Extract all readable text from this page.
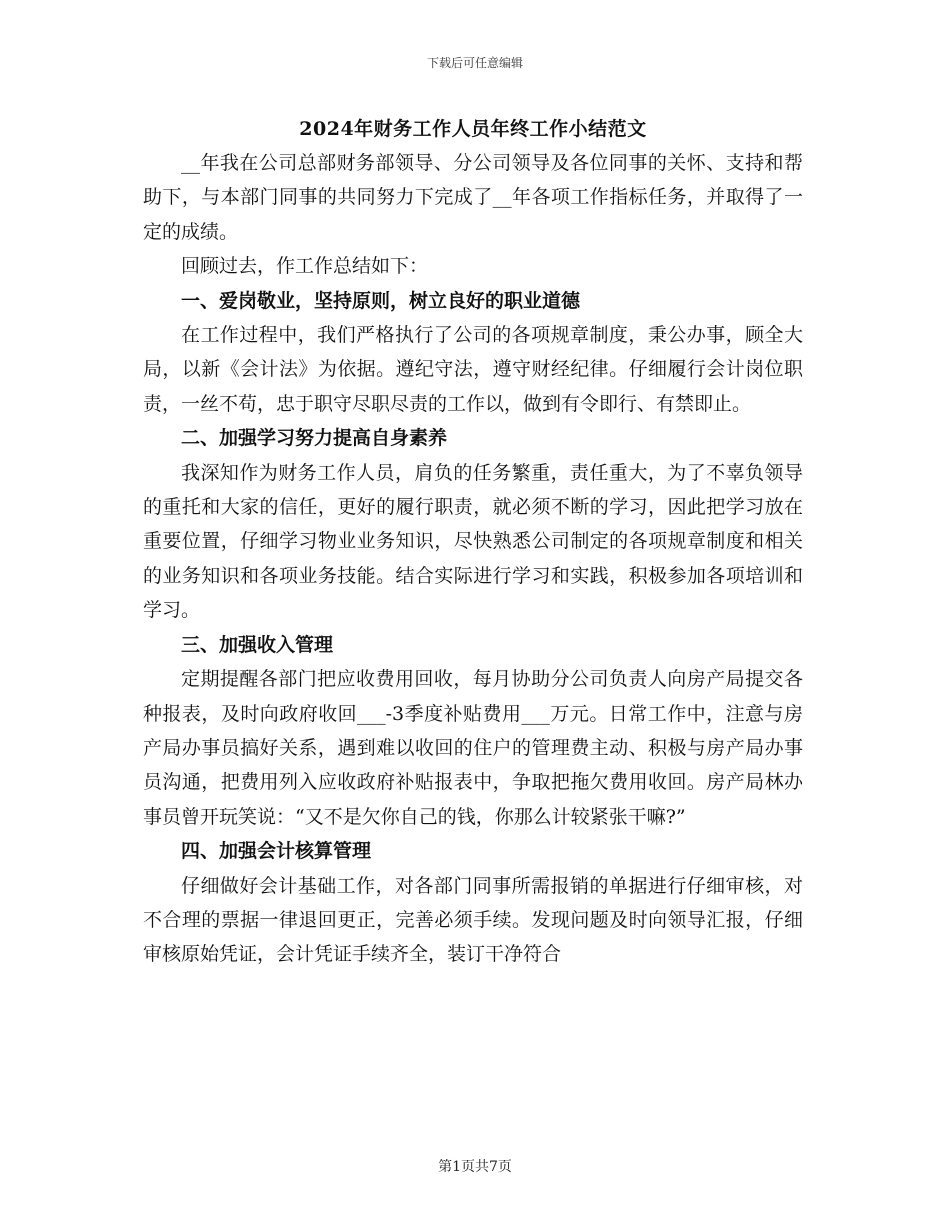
下载后可任意编辑
2024年财务工作人员年终工作小结范文

__年我在公司总部财务部领导、分公司领导及各位同事的关怀、支持和帮助下，与本部门同事的共同努力下完成了__年各项工作指标任务，并取得了一定的成绩。

回顾过去，作工作总结如下：

一、爱岗敬业，坚持原则，树立良好的职业道德

在工作过程中，我们严格执行了公司的各项规章制度，秉公办事，顾全大局，以新《会计法》为依据。遵纪守法，遵守财经纪律。仔细履行会计岗位职责，一丝不苟，忠于职守尽职尽责的工作以，做到有令即行、有禁即止。

二、加强学习努力提高自身素养

我深知作为财务工作人员，肩负的任务繁重，责任重大，为了不辜负领导的重托和大家的信任，更好的履行职责，就必须不断的学习，因此把学习放在重要位置，仔细学习物业业务知识，尽快熟悉公司制定的各项规章制度和相关的业务知识和各项业务技能。结合实际进行学习和实践，积极参加各项培训和学习。

三、加强收入管理

定期提醒各部门把应收费用回收，每月协助分公司负责人向房产局提交各种报表，及时向政府收回___-3季度补贴费用___万元。日常工作中，注意与房产局办事员搞好关系，遇到难以收回的住户的管理费主动、积极与房产局办事员沟通，把费用列入应收政府补贴报表中，争取把拖欠费用收回。房产局林办事员曾开玩笑说：“又不是欠你自己的钱，你那么计较紧张干嘛?”

四、加强会计核算管理

仔细做好会计基础工作，对各部门同事所需报销的单据进行仔细审核，对不合理的票据一律退回更正，完善必须手续。发现问题及时向领导汇报，仔细审核原始凭证，会计凭证手续齐全，装订干净符合

第1页共7页
